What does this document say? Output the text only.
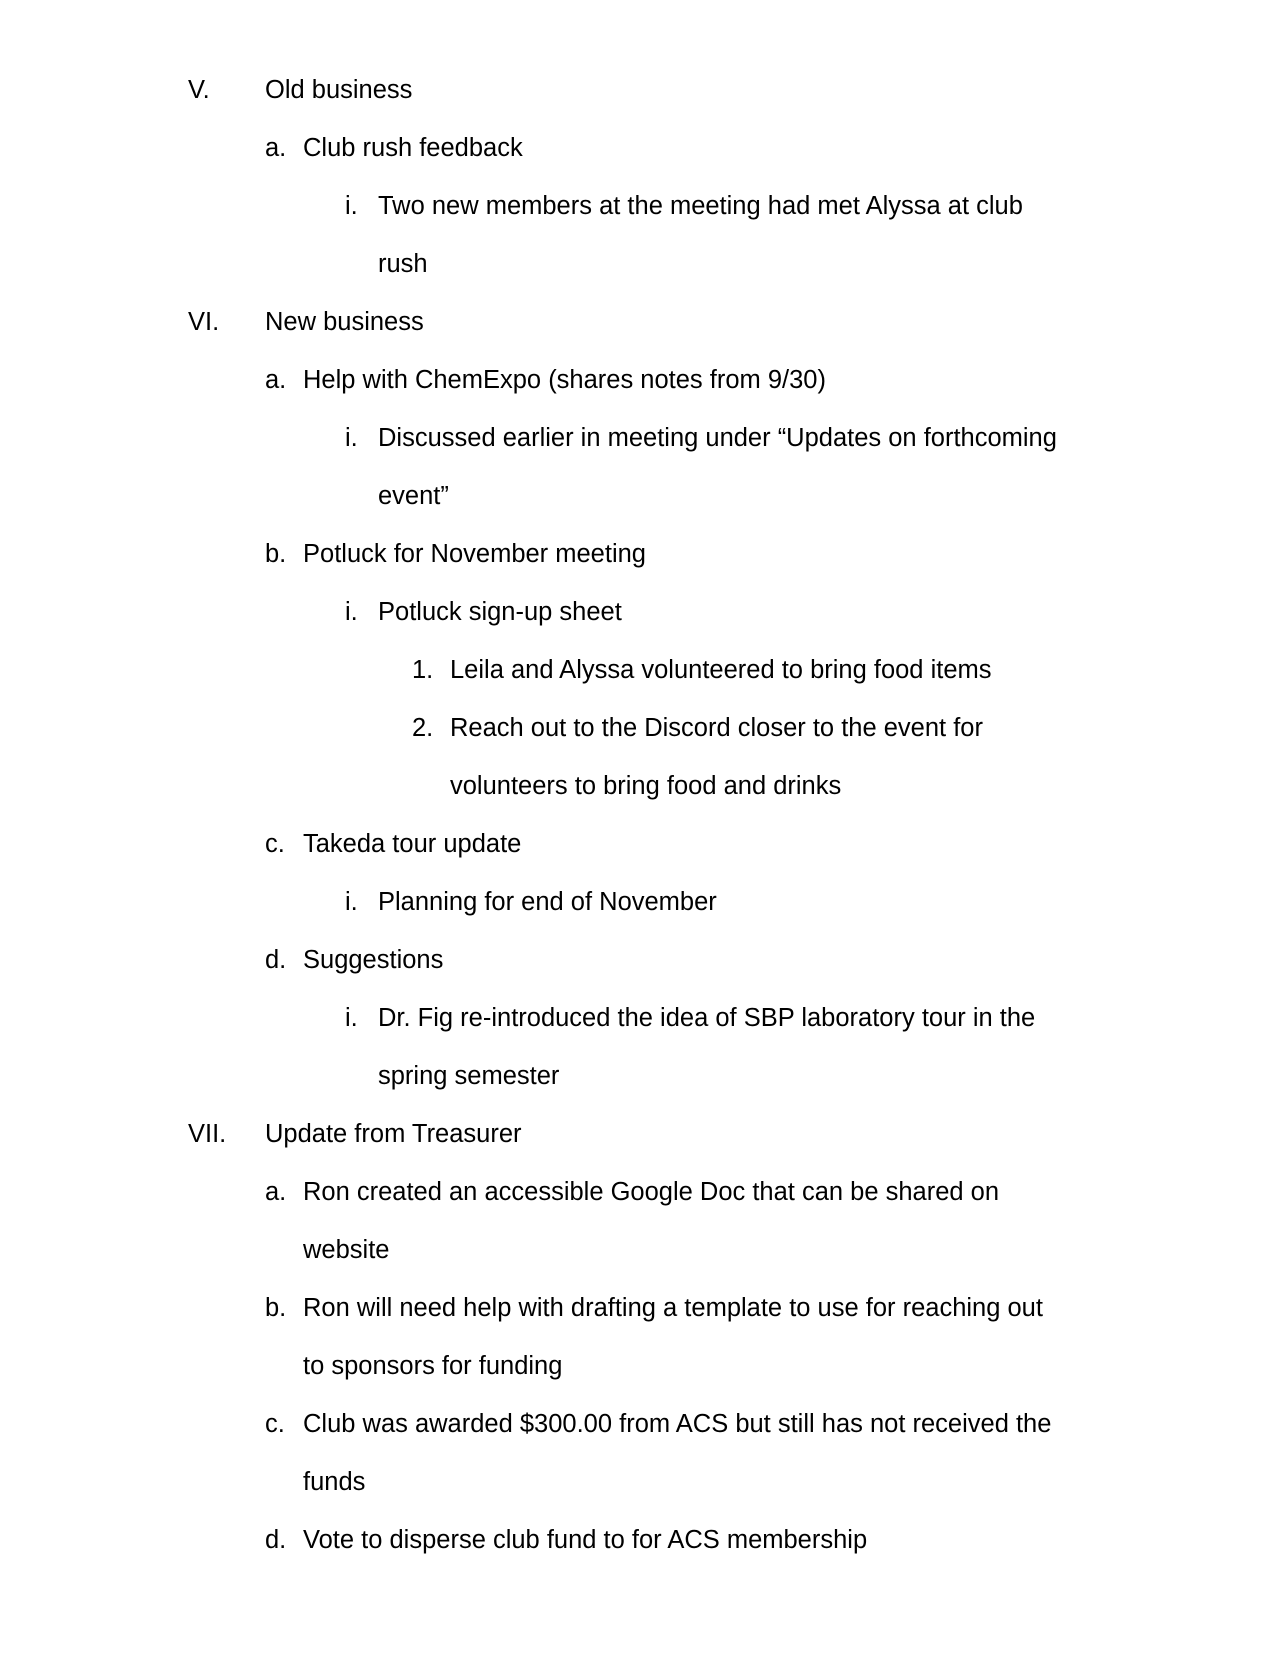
V.	Old business
a. Club rush feedback
i. Two new members at the meeting had met Alyssa at club
rush
VI.	New business
a. Help with ChemExpo (shares notes from 9/30)
i. Discussed earlier in meeting under “Updates on forthcoming
event”
b. Potluck for November meeting
i. Potluck sign-up sheet
1. Leila and Alyssa volunteered to bring food items
2. Reach out to the Discord closer to the event for
volunteers to bring food and drinks
c. Takeda tour update
i. Planning for end of November
d. Suggestions
i. Dr. Fig re-introduced the idea of SBP laboratory tour in the
spring semester
VII.	Update from Treasurer
a. Ron created an accessible Google Doc that can be shared on
website
b. Ron will need help with drafting a template to use for reaching out
to sponsors for funding
c. Club was awarded $300.00 from ACS but still has not received the
funds
d. Vote to disperse club fund to for ACS membership
